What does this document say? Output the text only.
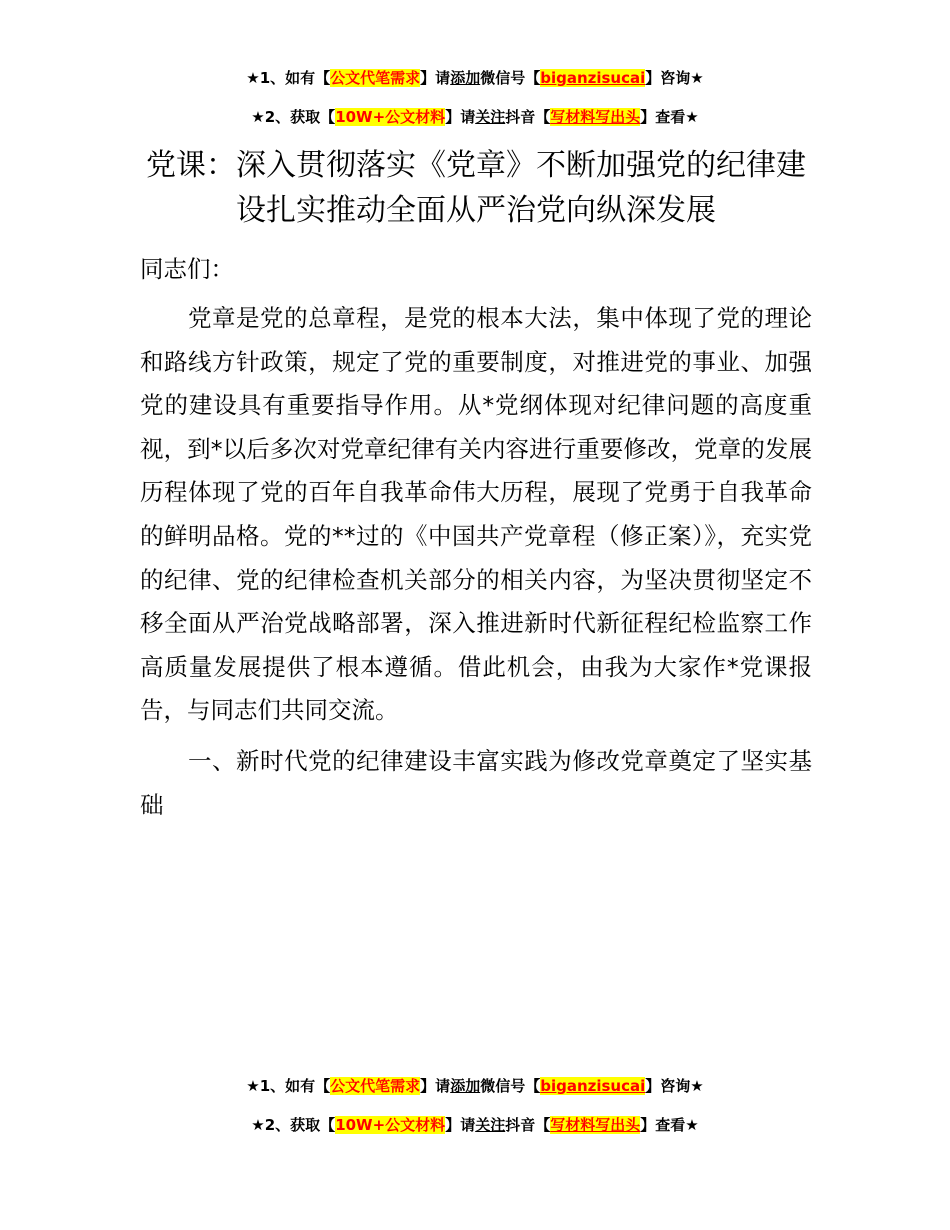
★1、如有【公文代笔需求】请添加微信号【biganzisucai】咨询★
★2、获取【10W+公文材料】请关注抖音【写材料写出头】查看★
党课：深入贯彻落实《党章》不断加强党的纪律建设扎实推动全面从严治党向纵深发展

同志们：

党章是党的总章程，是党的根本大法，集中体现了党的理论和路线方针政策，规定了党的重要制度，对推进党的事业、加强党的建设具有重要指导作用。从*党纲体现对纪律问题的高度重视，到*以后多次对党章纪律有关内容进行重要修改，党章的发展历程体现了党的百年自我革命伟大历程，展现了党勇于自我革命的鲜明品格。党的**过的《中国共产党章程（修正案）》，充实党的纪律、党的纪律检查机关部分的相关内容，为坚决贯彻坚定不移全面从严治党战略部署，深入推进新时代新征程纪检监察工作高质量发展提供了根本遵循。借此机会，由我为大家作*党课报告，与同志们共同交流。

一、新时代党的纪律建设丰富实践为修改党章奠定了坚实基础

★1、如有【公文代笔需求】请添加微信号【biganzisucai】咨询★
★2、获取【10W+公文材料】请关注抖音【写材料写出头】查看★
